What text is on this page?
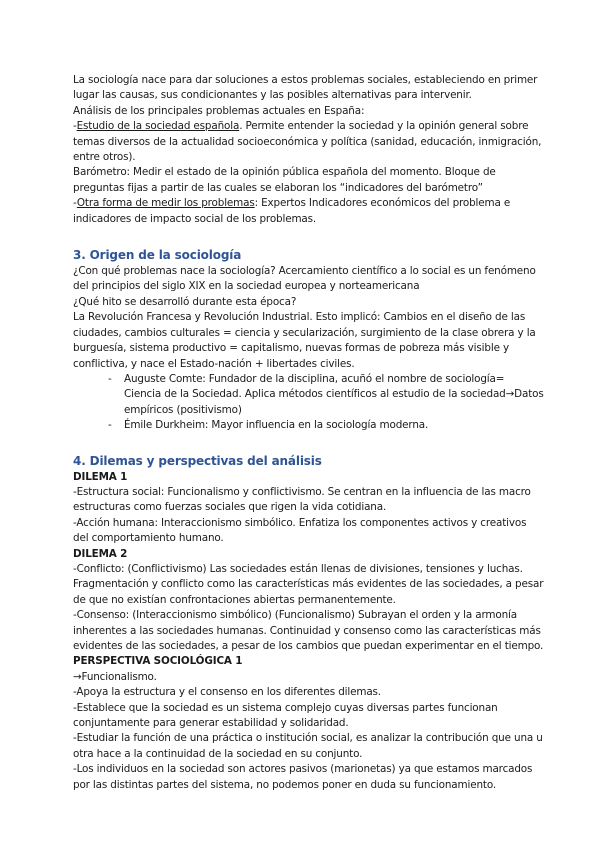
La sociología nace para dar soluciones a estos problemas sociales, estableciendo en primer lugar las causas, sus condicionantes y las posibles alternativas para intervenir.

Análisis de los principales problemas actuales en España:

-Estudio de la sociedad española. Permite entender la sociedad y la opinión general sobre temas diversos de la actualidad socioeconómica y política (sanidad, educación, inmigración, entre otros).

Barómetro: Medir el estado de la opinión pública española del momento. Bloque de preguntas fijas a partir de las cuales se elaboran los “indicadores del barómetro”

-Otra forma de medir los problemas: Expertos Indicadores económicos del problema e indicadores de impacto social de los problemas.

3. Origen de la sociología

¿Con qué problemas nace la sociología? Acercamiento científico a lo social es un fenómeno del principios del siglo XIX en la sociedad europea y norteamericana

¿Qué hito se desarrolló durante esta época?

La Revolución Francesa y Revolución Industrial. Esto implicó: Cambios en el diseño de las ciudades, cambios culturales = ciencia y secularización, surgimiento de la clase obrera y la burguesía, sistema productivo = capitalismo, nuevas formas de pobreza más visible y conflictiva, y nace el Estado-nación + libertades civiles.

- Auguste Comte: Fundador de la disciplina, acuñó el nombre de sociología= Ciencia de la Sociedad. Aplica métodos científicos al estudio de la sociedad→Datos empíricos (positivismo)
- Émile Durkheim: Mayor influencia en la sociología moderna.
4. Dilemas y perspectivas del análisis

DILEMA 1

-Estructura social: Funcionalismo y conflictivismo. Se centran en la influencia de las macro estructuras como fuerzas sociales que rigen la vida cotidiana.

-Acción humana: Interaccionismo simbólico. Enfatiza los componentes activos y creativos del comportamiento humano.

DILEMA 2

-Conflicto: (Conflictivismo) Las sociedades están llenas de divisiones, tensiones y luchas. Fragmentación y conflicto como las características más evidentes de las sociedades, a pesar de que no existían confrontaciones abiertas permanentemente.

-Consenso: (Interaccionismo simbólico) (Funcionalismo) Subrayan el orden y la armonía inherentes a las sociedades humanas. Continuidad y consenso como las características más evidentes de las sociedades, a pesar de los cambios que puedan experimentar en el tiempo.

PERSPECTIVA SOCIOLÓGICA 1

→Funcionalismo.

-Apoya la estructura y el consenso en los diferentes dilemas.

-Establece que la sociedad es un sistema complejo cuyas diversas partes funcionan conjuntamente para generar estabilidad y solidaridad.

-Estudiar la función de una práctica o institución social, es analizar la contribución que una u otra hace a la continuidad de la sociedad en su conjunto.

-Los individuos en la sociedad son actores pasivos (marionetas) ya que estamos marcados por las distintas partes del sistema, no podemos poner en duda su funcionamiento.
